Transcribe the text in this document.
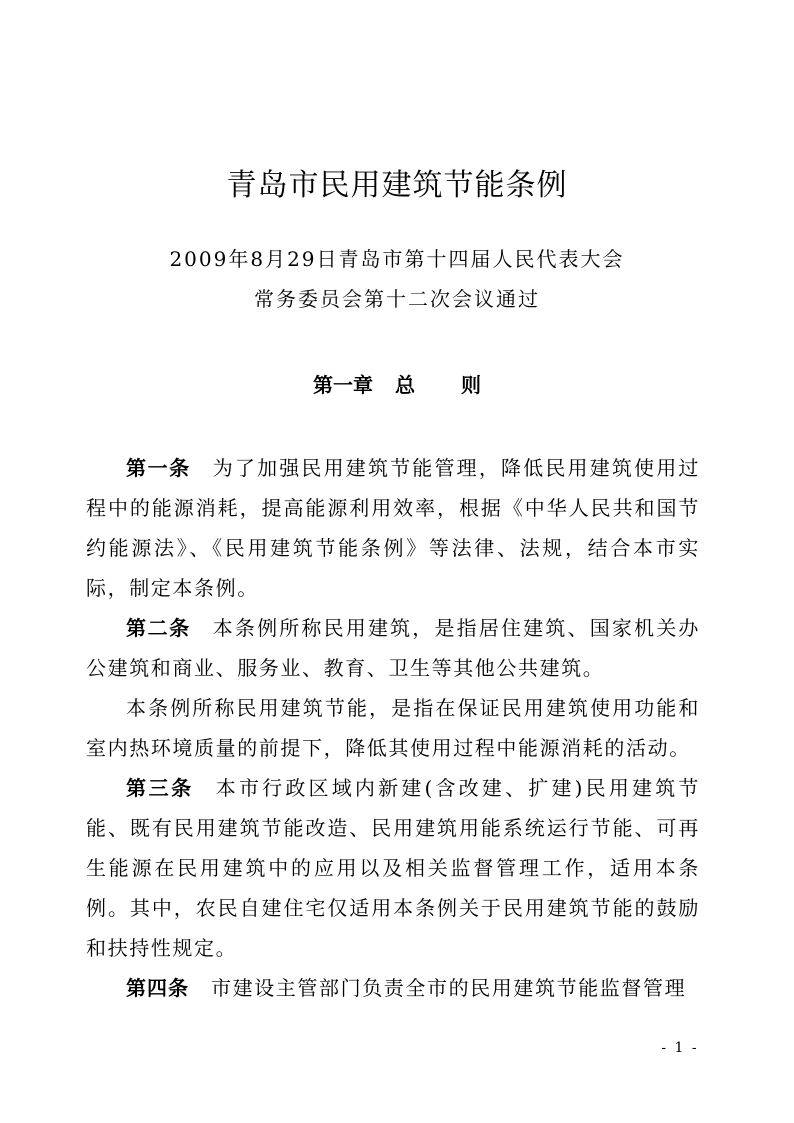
青岛市民用建筑节能条例
2009年8月29日青岛市第十四届人民代表大会
常务委员会第十二次会议通过
第一章 总 则

第一条 为了加强民用建筑节能管理，降低民用建筑使用过程中的能源消耗，提高能源利用效率，根据《中华人民共和国节约能源法》、《民用建筑节能条例》等法律、法规，结合本市实际，制定本条例。

第二条 本条例所称民用建筑，是指居住建筑、国家机关办公建筑和商业、服务业、教育、卫生等其他公共建筑。

本条例所称民用建筑节能，是指在保证民用建筑使用功能和室内热环境质量的前提下，降低其使用过程中能源消耗的活动。

第三条 本市行政区域内新建(含改建、扩建)民用建筑节能、既有民用建筑节能改造、民用建筑用能系统运行节能、可再生能源在民用建筑中的应用以及相关监督管理工作，适用本条例。其中，农民自建住宅仅适用本条例关于民用建筑节能的鼓励和扶持性规定。

第四条 市建设主管部门负责全市的民用建筑节能监督管理

- 1 -
